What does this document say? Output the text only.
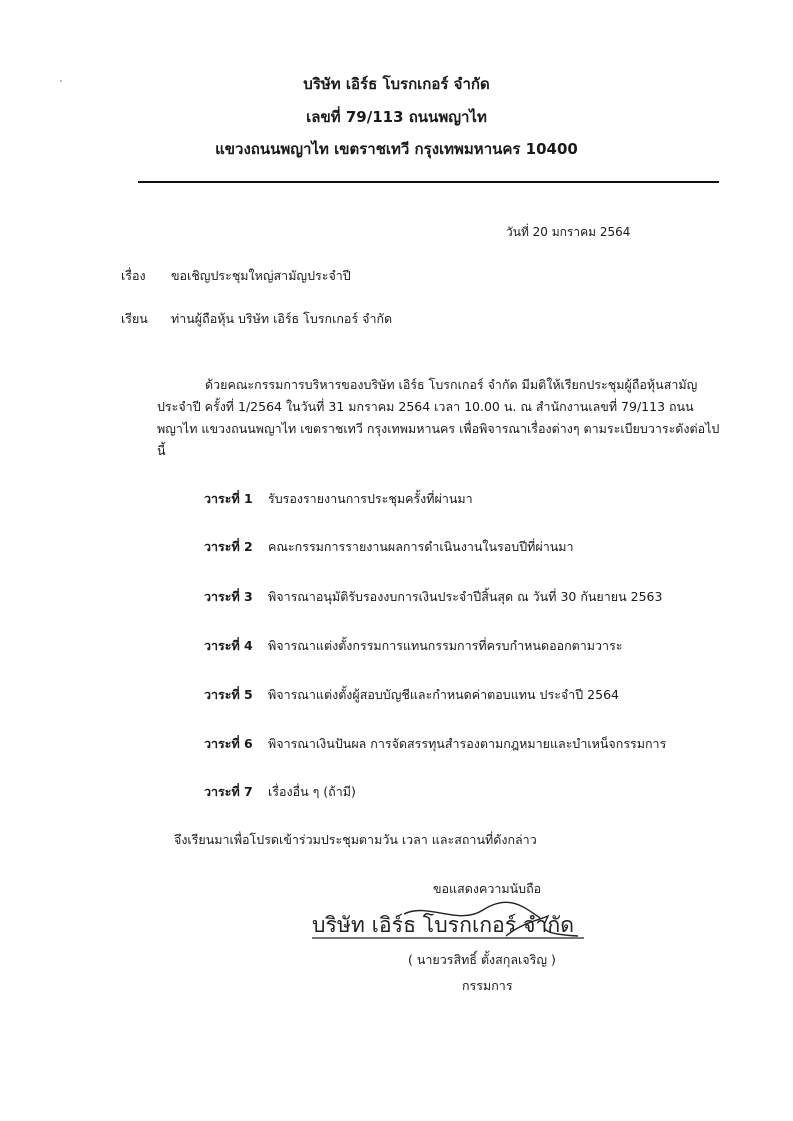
บริษัท เอิร์ธ โบรกเกอร์ จำกัด
เลขที่ 79/113 ถนนพญาไท
แขวงถนนพญาไท เขตราชเทวี กรุงเทพมหานคร 10400
วันที่ 20 มกราคม 2564
เรื่อง ขอเชิญประชุมใหญ่สามัญประจำปี
เรียน ท่านผู้ถือหุ้น บริษัท เอิร์ธ โบรกเกอร์ จำกัด
ด้วยคณะกรรมการบริหารของบริษัท เอิร์ธ โบรกเกอร์ จำกัด มีมติให้เรียกประชุมผู้ถือหุ้นสามัญประจำปี ครั้งที่ 1/2564 ในวันที่ 31 มกราคม 2564 เวลา 10.00 น. ณ สำนักงานเลขที่ 79/113 ถนนพญาไท แขวงถนนพญาไท เขตราชเทวี กรุงเทพมหานคร เพื่อพิจารณาเรื่องต่างๆ ตามระเบียบวาระดังต่อไปนี้
วาระที่ 1 รับรองรายงานการประชุมครั้งที่ผ่านมา
วาระที่ 2 คณะกรรมการรายงานผลการดำเนินงานในรอบปีที่ผ่านมา
วาระที่ 3 พิจารณาอนุมัติรับรองงบการเงินประจำปีสิ้นสุด ณ วันที่ 30 กันยายน 2563
วาระที่ 4 พิจารณาแต่งตั้งกรรมการแทนกรรมการที่ครบกำหนดออกตามวาระ
วาระที่ 5 พิจารณาแต่งตั้งผู้สอบบัญชีและกำหนดค่าตอบแทน ประจำปี 2564
วาระที่ 6 พิจารณาเงินปันผล การจัดสรรทุนสำรองตามกฎหมายและบำเหน็จกรรมการ
วาระที่ 7 เรื่องอื่น ๆ (ถ้ามี)
จึงเรียนมาเพื่อโปรดเข้าร่วมประชุมตามวัน เวลา และสถานที่ดังกล่าว
ขอแสดงความนับถือ
บริษัท เอิร์ธ โบรกเกอร์ จำกัด
( นายวรสิทธิ์ ตั้งสกุลเจริญ )
กรรมการ
